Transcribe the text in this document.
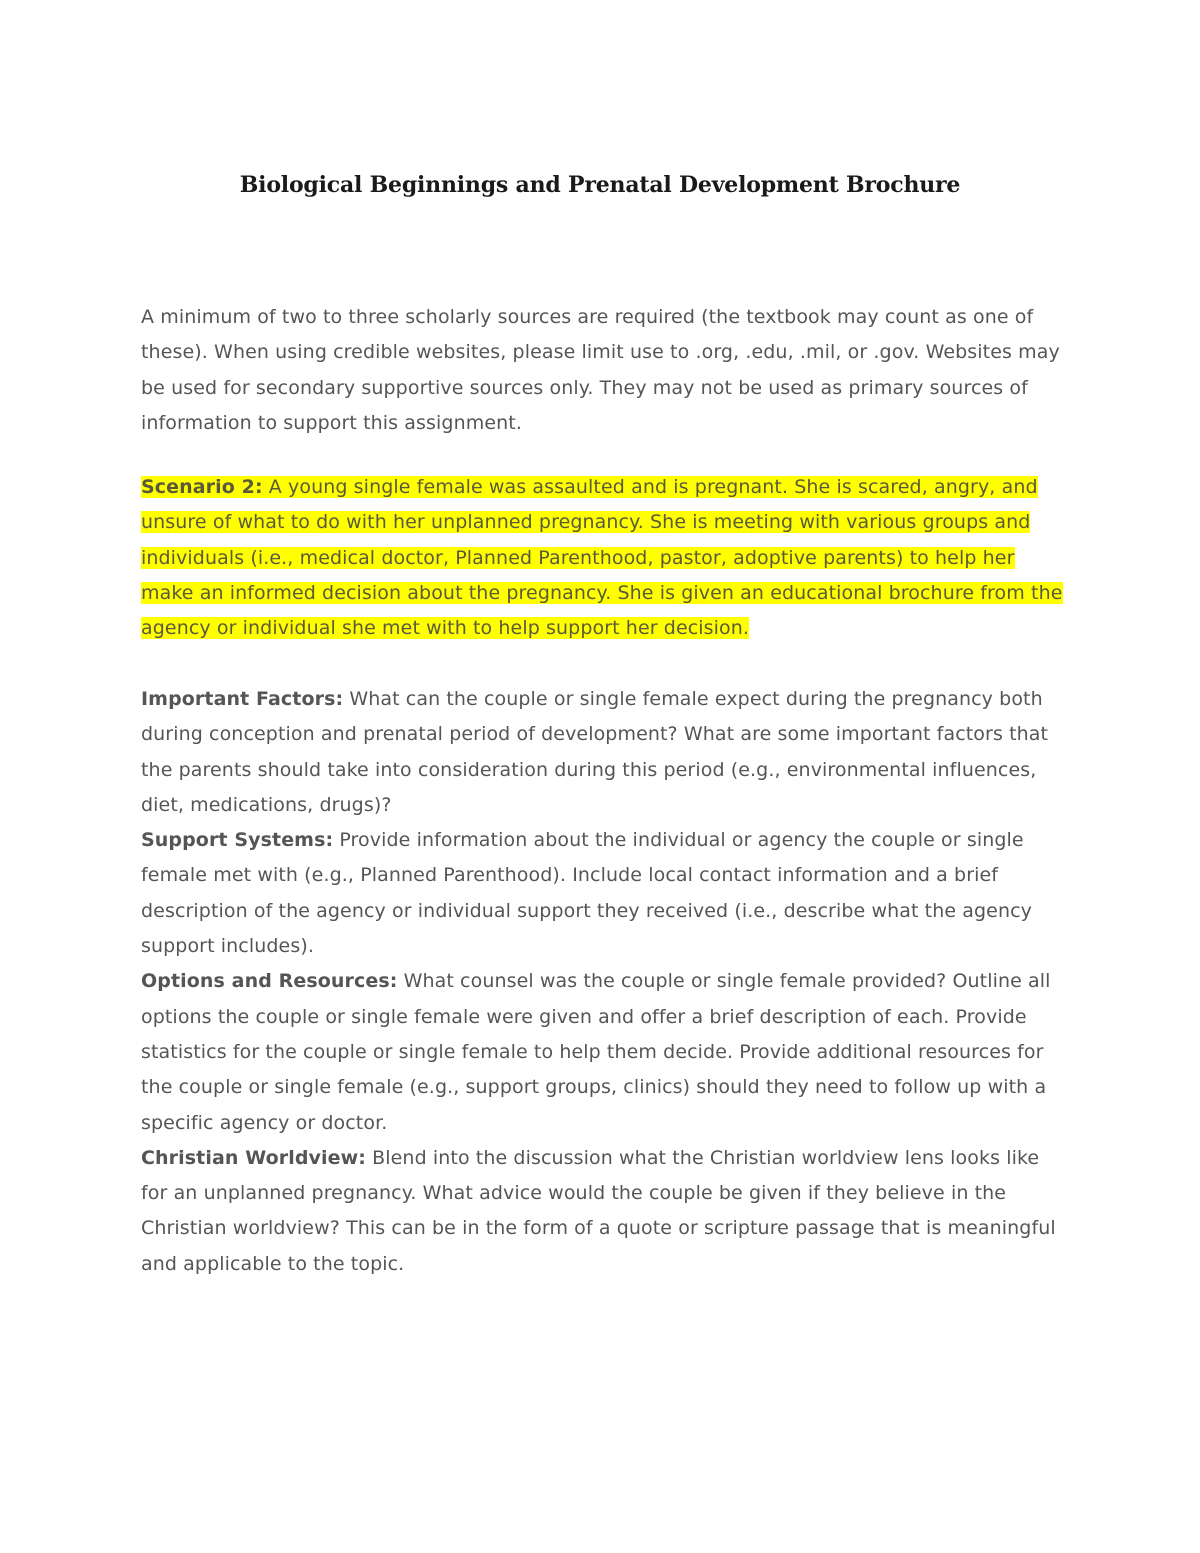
Biological Beginnings and Prenatal Development Brochure

A minimum of two to three scholarly sources are required (the textbook may count as one of these). When using credible websites, please limit use to .org, .edu, .mil, or .gov. Websites may be used for secondary supportive sources only. They may not be used as primary sources of information to support this assignment.

Scenario 2: A young single female was assaulted and is pregnant. She is scared, angry, and unsure of what to do with her unplanned pregnancy. She is meeting with various groups and individuals (i.e., medical doctor, Planned Parenthood, pastor, adoptive parents) to help her make an informed decision about the pregnancy. She is given an educational brochure from the agency or individual she met with to help support her decision.

Important Factors: What can the couple or single female expect during the pregnancy both during conception and prenatal period of development? What are some important factors that the parents should take into consideration during this period (e.g., environmental influences, diet, medications, drugs)?

Support Systems: Provide information about the individual or agency the couple or single female met with (e.g., Planned Parenthood). Include local contact information and a brief description of the agency or individual support they received (i.e., describe what the agency support includes).

Options and Resources: What counsel was the couple or single female provided? Outline all options the couple or single female were given and offer a brief description of each. Provide statistics for the couple or single female to help them decide. Provide additional resources for the couple or single female (e.g., support groups, clinics) should they need to follow up with a specific agency or doctor.

Christian Worldview: Blend into the discussion what the Christian worldview lens looks like for an unplanned pregnancy. What advice would the couple be given if they believe in the Christian worldview? This can be in the form of a quote or scripture passage that is meaningful and applicable to the topic.
